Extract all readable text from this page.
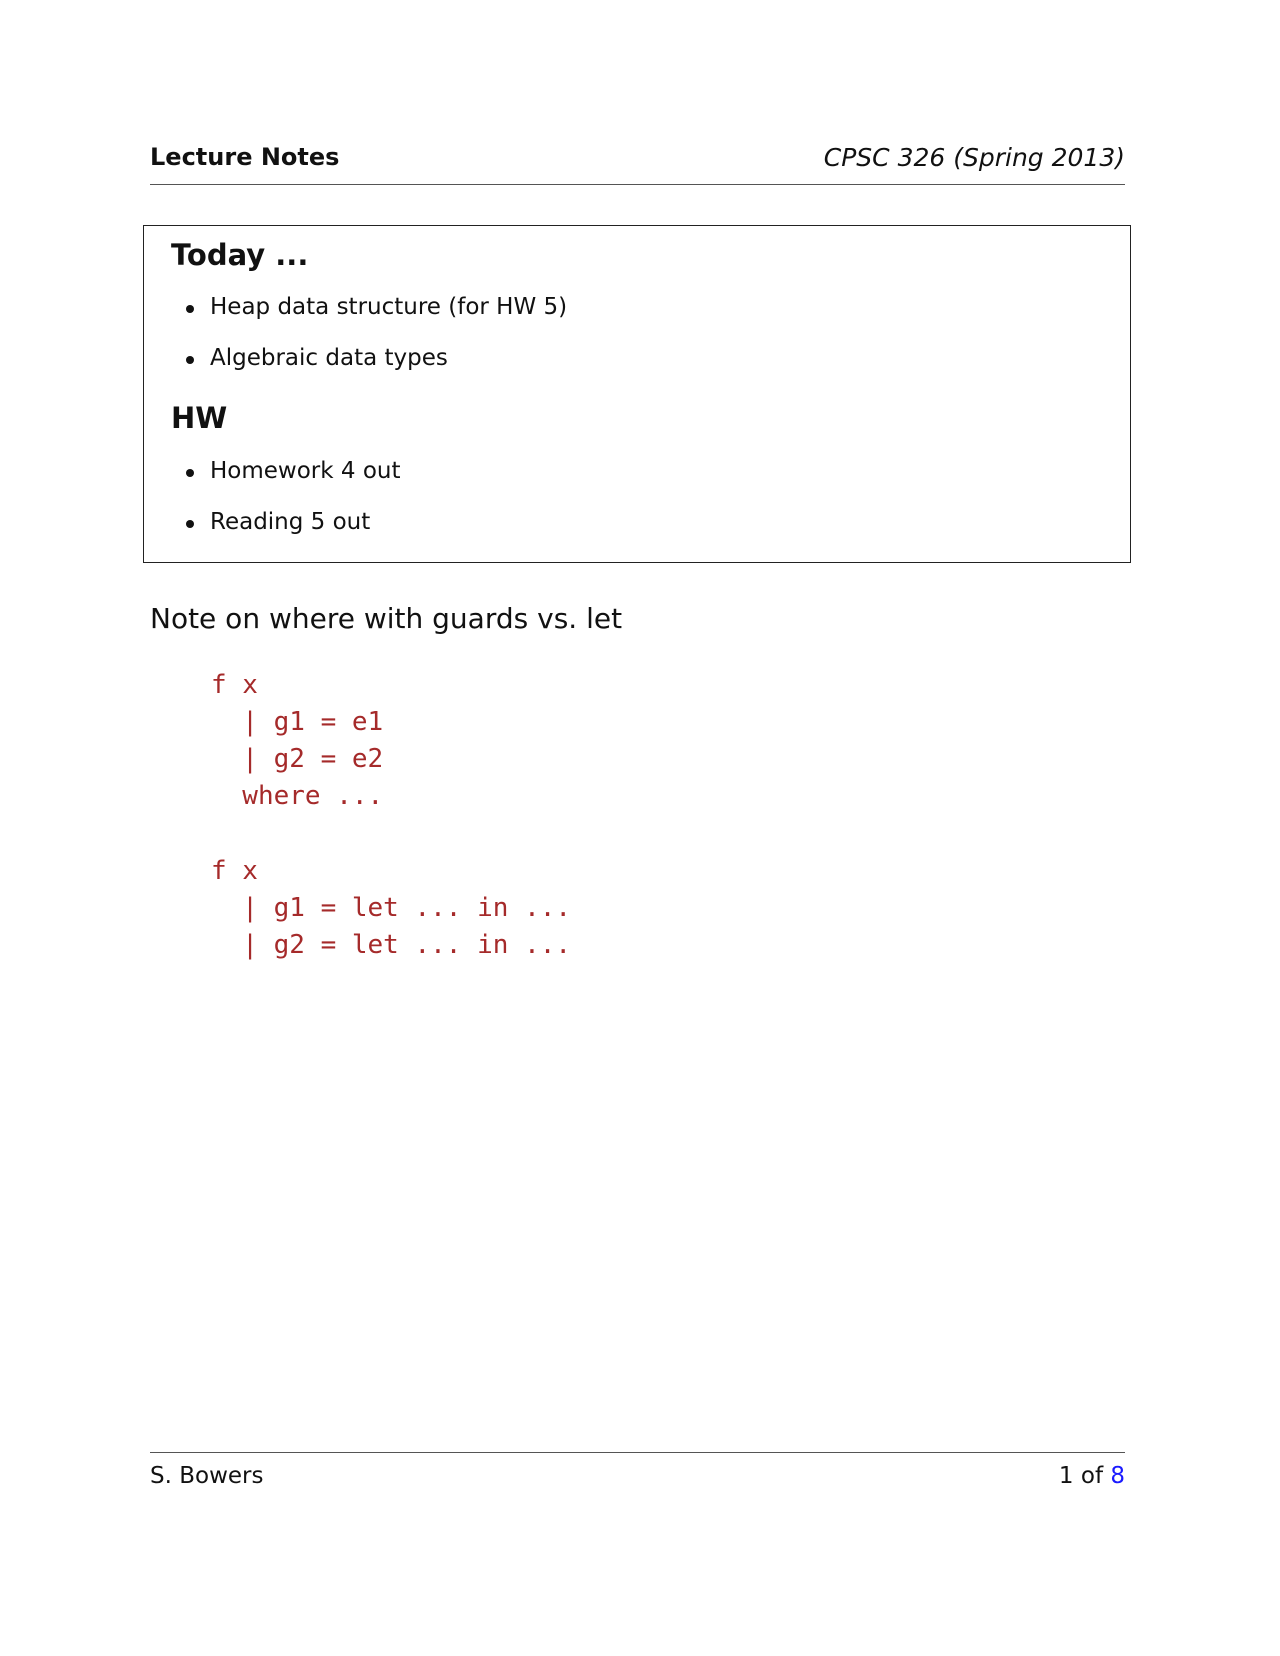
Lecture Notes	CPSC 326 (Spring 2013)
Today ...
Heap data structure (for HW 5)
Algebraic data types
HW
Homework 4 out
Reading 5 out
Note on where with guards vs. let
f x
| g1 = e1
| g2 = e2
where ...
f x
| g1 = let ... in ...
| g2 = let ... in ...
S. Bowers	1 of 8
